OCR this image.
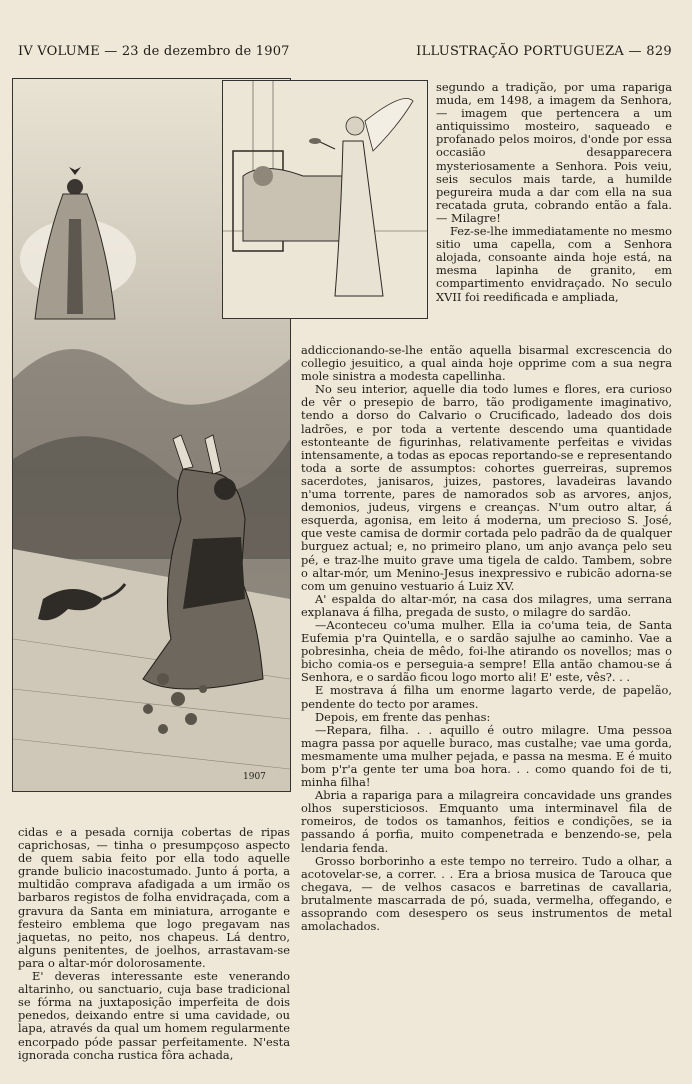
IV VOLUME — 23 de dezembro de 1907	ILLUSTRAÇÃO PORTUGUEZA — 829
1907

segundo a tradição, por uma rapariga muda, em 1498, a imagem da Senhora, — imagem que pertencera a um antiquissimo mosteiro, saqueado e profanado pelos moiros, d'onde por essa occasião desapparecera mysteriosamente a Senhora. Pois veiu, seis seculos mais tarde, a humilde pegureira muda a dar com ella na sua recatada gruta, cobrando então a fala. — Milagre!

Fez-se-lhe immediatamente no mesmo sitio uma capella, com a Senhora alojada, consoante ainda hoje está, na mesma lapinha de granito, em compartimento envidraçado. No seculo XVII foi reedificada e ampliada,

addiccionando-se-lhe então aquella bisarmal excrescencia do collegio jesuitico, a qual ainda hoje opprime com a sua negra mole sinistra a modesta capellinha.

No seu interior, aquelle dia todo lumes e flores, era curioso de vêr o presepio de barro, tão prodigamente imaginativo, tendo a dorso do Calvario o Crucificado, ladeado dos dois ladrões, e por toda a vertente descendo uma quantidade estonteante de figurinhas, relativamente perfeitas e vividas intensamente, a todas as epocas reportando-se e representando toda a sorte de assumptos: cohortes guerreiras, supremos sacerdotes, janisaros, juizes, pastores, lavadeiras lavando n'uma torrente, pares de namorados sob as arvores, anjos, demonios, judeus, virgens e creanças. N'um outro altar, á esquerda, agonisa, em leito á moderna, um precioso S. José, que veste camisa de dormir cortada pelo padrão da de qualquer burguez actual; e, no primeiro plano, um anjo avança pelo seu pé, e traz-lhe muito grave uma tigela de caldo. Tambem, sobre o altar-mór, um Menino-Jesus inexpressivo e rubicão adorna-se com um genuino vestuario á Luiz XV.

A' espalda do altar-mór, na casa dos milagres, uma serrana explanava á filha, pregada de susto, o milagre do sardão.

—Aconteceu co'uma mulher. Ella ia co'uma teia, de Santa Eufemia p'ra Quintella, e o sardão sajulhe ao caminho. Vae a pobresinha, cheia de mêdo, foi-lhe atirando os novellos; mas o bicho comia-os e perseguia-a sempre! Ella antão chamou-se á Senhora, e o sardão ficou logo morto ali! E' este, vês?. . .

E mostrava á filha um enorme lagarto verde, de papelão, pendente do tecto por arames.

Depois, em frente das penhas:

—Repara, filha. . . aquillo é outro milagre. Uma pessoa magra passa por aquelle buraco, mas custalhe; vae uma gorda, mesmamente uma mulher pejada, e passa na mesma. E é muito bom p'r'a gente ter uma boa hora. . . como quando foi de ti, minha filha!

Abria a rapariga para a milagreira concavidade uns grandes olhos supersticiosos. Emquanto uma interminavel fila de romeiros, de todos os tamanhos, feitios e condições, se ia passando á porfia, muito compenetrada e benzendo-se, pela lendaria fenda.

Grosso borborinho a este tempo no terreiro. Tudo a olhar, a acotovelar-se, a correr. . . Era a briosa musica de Tarouca que chegava, — de velhos casacos e barretinas de cavallaria, brutalmente mascarrada de pó, suada, vermelha, offegando, e assoprando com desespero os seus instrumentos de metal amolachados.

cidas e a pesada cornija cobertas de ripas caprichosas, — tinha o presumpçoso aspecto de quem sabia feito por ella todo aquelle grande bulicio inacostumado. Junto á porta, a multidão comprava afadigada a um irmão os barbaros registos de folha envidraçada, com a gravura da Santa em miniatura, arrogante e festeiro emblema que logo pregavam nas jaquetas, no peito, nos chapeus. Lá dentro, alguns penitentes, de joelhos, arrastavam-se para o altar-mór dolorosamente.

E' deveras interessante este venerando altarinho, ou sanctuario, cuja base tradicional se fórma na juxtaposição imperfeita de dois penedos, deixando entre si uma cavidade, ou lapa, através da qual um homem regularmente encorpado póde passar perfeitamente. N'esta ignorada concha rustica fôra achada,
